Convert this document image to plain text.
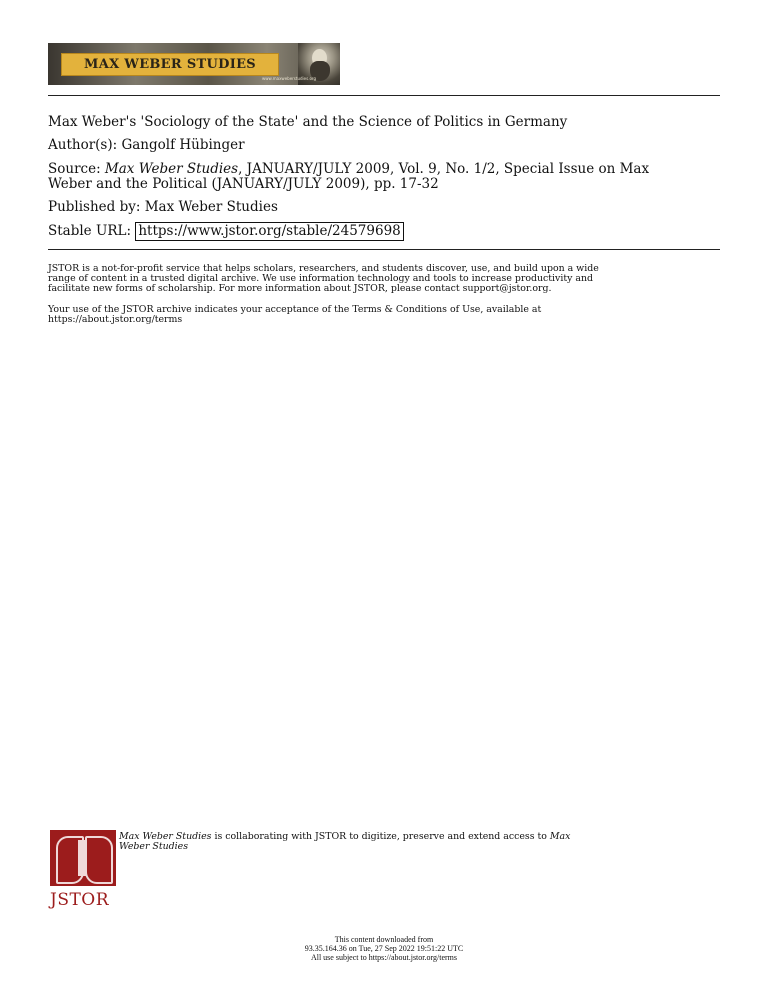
MAX WEBER STUDIES
www.maxweberstudies.org
Max Weber's 'Sociology of the State' and the Science of Politics in Germany
Author(s): Gangolf Hübinger
Source: Max Weber Studies, JANUARY/JULY 2009, Vol. 9, No. 1/2, Special Issue on Max
Weber and the Political (JANUARY/JULY 2009), pp. 17-32
Published by: Max Weber Studies
Stable URL: https://www.jstor.org/stable/24579698
JSTOR is a not-for-profit service that helps scholars, researchers, and students discover, use, and build upon a wide
range of content in a trusted digital archive. We use information technology and tools to increase productivity and
facilitate new forms of scholarship. For more information about JSTOR, please contact support@jstor.org.
Your use of the JSTOR archive indicates your acceptance of the Terms & Conditions of Use, available at
https://about.jstor.org/terms
JSTOR
Max Weber Studies is collaborating with JSTOR to digitize, preserve and extend access to Max
Weber Studies
This content downloaded from
93.35.164.36 on Tue, 27 Sep 2022 19:51:22 UTC
All use subject to https://about.jstor.org/terms
